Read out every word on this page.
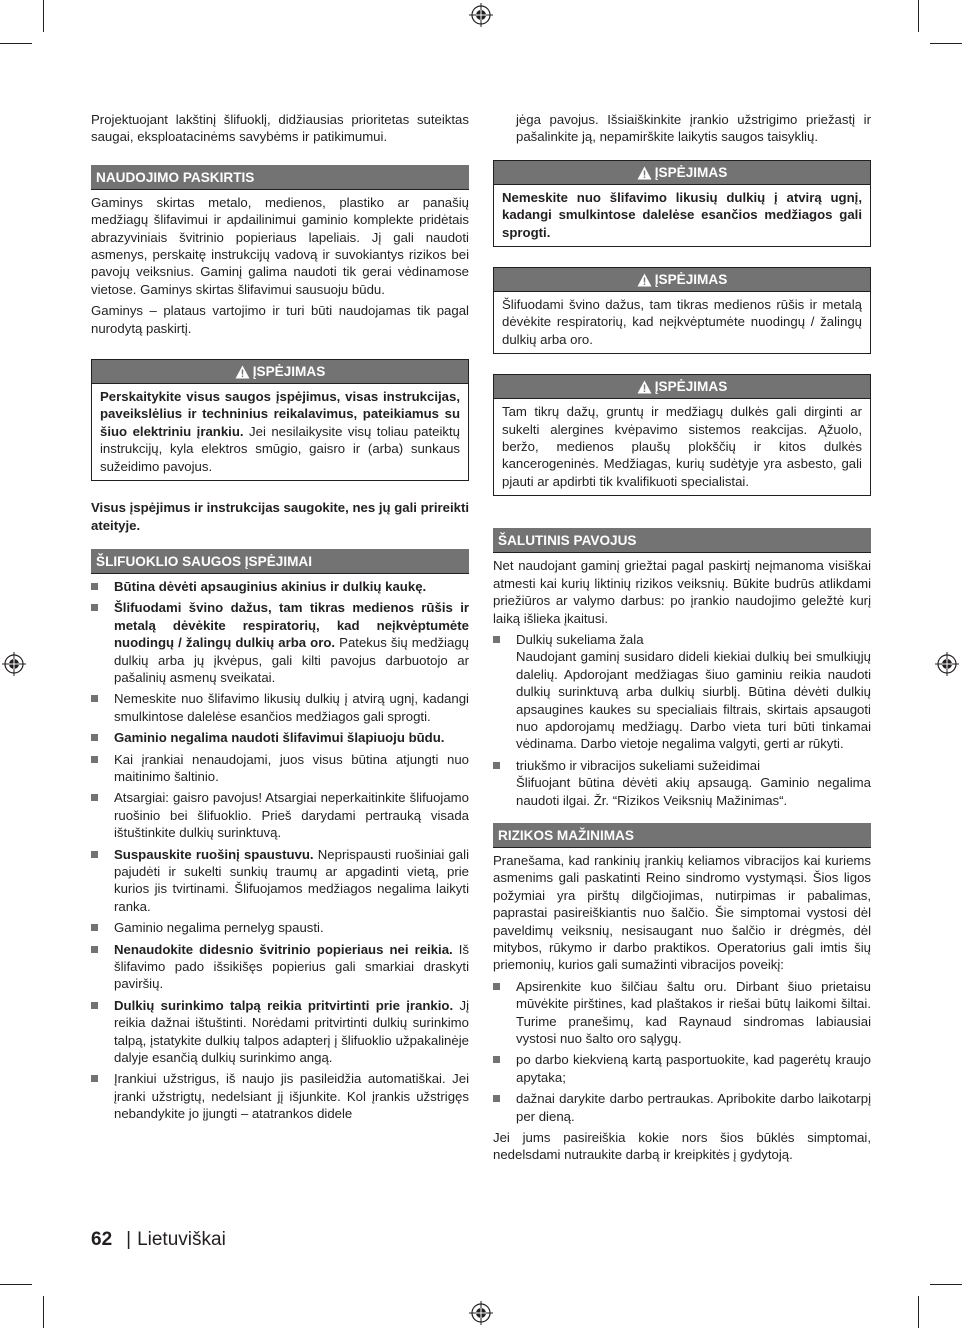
Projektuojant lakštinį šlifuoklį, didžiausias prioritetas suteiktas saugai, eksploatacinėms savybėms ir patikimumui.

NAUDOJIMO PASKIRTIS

Gaminys skirtas metalo, medienos, plastiko ar panašių medžiagų šlifavimui ir apdailinimui gaminio komplekte pridėtais abrazyviniais švitrinio popieriaus lapeliais. Jį gali naudoti asmenys, perskaitę instrukcijų vadovą ir suvokiantys rizikos bei pavojų veiksnius. Gaminį galima naudoti tik gerai vėdinamose vietose. Gaminys skirtas šlifavimui sausuoju būdu.

Gaminys – plataus vartojimo ir turi būti naudojamas tik pagal nurodytą paskirtį.

ĮSPĖJIMAS
Perskaitykite visus saugos įspėjimus, visas instrukcijas, paveikslėlius ir techninius reikalavimus, pateikiamus su šiuo elektriniu įrankiu. Jei nesilaikysite visų toliau pateiktų instrukcijų, kyla elektros smūgio, gaisro ir (arba) sunkaus sužeidimo pavojus.

Visus įspėjimus ir instrukcijas saugokite, nes jų gali prireikti ateityje.

ŠLIFUOKLIO SAUGOS ĮSPĖJIMAI
Būtina dėvėti apsauginius akinius ir dulkių kaukę.
Šlifuodami švino dažus, tam tikras medienos rūšis ir metalą dėvėkite respiratorių, kad neįkvėptumėte nuodingų / žalingų dulkių arba oro. Patekus šių medžiagų dulkių arba jų įkvėpus, gali kilti pavojus darbuotojo ar pašalinių asmenų sveikatai.
Nemeskite nuo šlifavimo likusių dulkių į atvirą ugnį, kadangi smulkintose dalelėse esančios medžiagos gali sprogti.
Gaminio negalima naudoti šlifavimui šlapiuoju būdu.
Kai įrankiai nenaudojami, juos visus būtina atjungti nuo maitinimo šaltinio.
Atsargiai: gaisro pavojus! Atsargiai neperkaitinkite šlifuojamo ruošinio bei šlifuoklio. Prieš darydami pertrauką visada ištuštinkite dulkių surinktuvą.
Suspauskite ruošinį spaustuvu. Neprispausti ruošiniai gali pajudėti ir sukelti sunkių traumų ar apgadinti vietą, prie kurios jis tvirtinami. Šlifuojamos medžiagos negalima laikyti ranka.
Gaminio negalima pernelyg spausti.
Nenaudokite didesnio švitrinio popieriaus nei reikia. Iš šlifavimo pado išsikišęs popierius gali smarkiai draskyti paviršių.
Dulkių surinkimo talpą reikia pritvirtinti prie įrankio. Jį reikia dažnai ištuštinti. Norėdami pritvirtinti dulkių surinkimo talpą, įstatykite dulkių talpos adapterį į šlifuoklio užpakalinėje dalyje esančią dulkių surinkimo angą.
Įrankiui užstrigus, iš naujo jis pasileidžia automatiškai. Jei įranki užstrigtų, nedelsiant jį išjunkite. Kol įrankis užstrigęs nebandykite jo įjungti – atatrankos didele

jėga pavojus. Išsiaiškinkite įrankio užstrigimo priežastį ir pašalinkite ją, nepamirškite laikytis saugos taisyklių.

ĮSPĖJIMAS
Nemeskite nuo šlifavimo likusių dulkių į atvirą ugnį, kadangi smulkintose dalelėse esančios medžiagos gali sprogti.
ĮSPĖJIMAS
Šlifuodami švino dažus, tam tikras medienos rūšis ir metalą dėvėkite respiratorių, kad neįkvėptumėte nuodingų / žalingų dulkių arba oro.
ĮSPĖJIMAS
Tam tikrų dažų, gruntų ir medžiagų dulkės gali dirginti ar sukelti alergines kvėpavimo sistemos reakcijas. Ąžuolo, beržo, medienos plaušų plokščių ir kitos dulkės kancerogeninės. Medžiagas, kurių sudėtyje yra asbesto, gali pjauti ar apdirbti tik kvalifikuoti specialistai.
ŠALUTINIS PAVOJUS

Net naudojant gaminį griežtai pagal paskirtį neįmanoma visiškai atmesti kai kurių liktinių rizikos veiksnių. Būkite budrūs atlikdami priežiūros ar valymo darbus: po įrankio naudojimo geležtė kurį laiką išlieka įkaitusi.

Dulkių sukeliama žala
Naudojant gaminį susidaro dideli kiekiai dulkių bei smulkiųjų dalelių. Apdorojant medžiagas šiuo gaminiu reikia naudoti dulkių surinktuvą arba dulkių siurblį. Būtina dėvėti dulkių apsaugines kaukes su specialiais filtrais, skirtais apsaugoti nuo apdorojamų medžiagų. Darbo vieta turi būti tinkamai vėdinama. Darbo vietoje negalima valgyti, gerti ar rūkyti.
triukšmo ir vibracijos sukeliami sužeidimai
Šlifuojant būtina dėvėti akių apsaugą. Gaminio negalima naudoti ilgai. Žr. “Rizikos Veiksnių Mažinimas“.
RIZIKOS MAŽINIMAS

Pranešama, kad rankinių įrankių keliamos vibracijos kai kuriems asmenims gali paskatinti Reino sindromo vystymąsi. Šios ligos požymiai yra pirštų dilgčiojimas, nutirpimas ir pabalimas, paprastai pasireiškiantis nuo šalčio. Šie simptomai vystosi dėl paveldimų veiksnių, nesisaugant nuo šalčio ir drėgmės, dėl mitybos, rūkymo ir darbo praktikos. Operatorius gali imtis šių priemonių, kurios gali sumažinti vibracijos poveikį:

Apsirenkite kuo šilčiau šaltu oru. Dirbant šiuo prietaisu mūvėkite pirštines, kad plaštakos ir riešai būtų laikomi šiltai. Turime pranešimų, kad Raynaud sindromas labiausiai vystosi nuo šalto oro sąlygų.
po darbo kiekvieną kartą pasportuokite, kad pagerėtų kraujo apytaka;
dažnai darykite darbo pertraukas. Apribokite darbo laikotarpį per dieną.

Jei jums pasireiškia kokie nors šios būklės simptomai, nedelsdami nutraukite darbą ir kreipkitės į gydytoją.

62 | Lietuviškai
